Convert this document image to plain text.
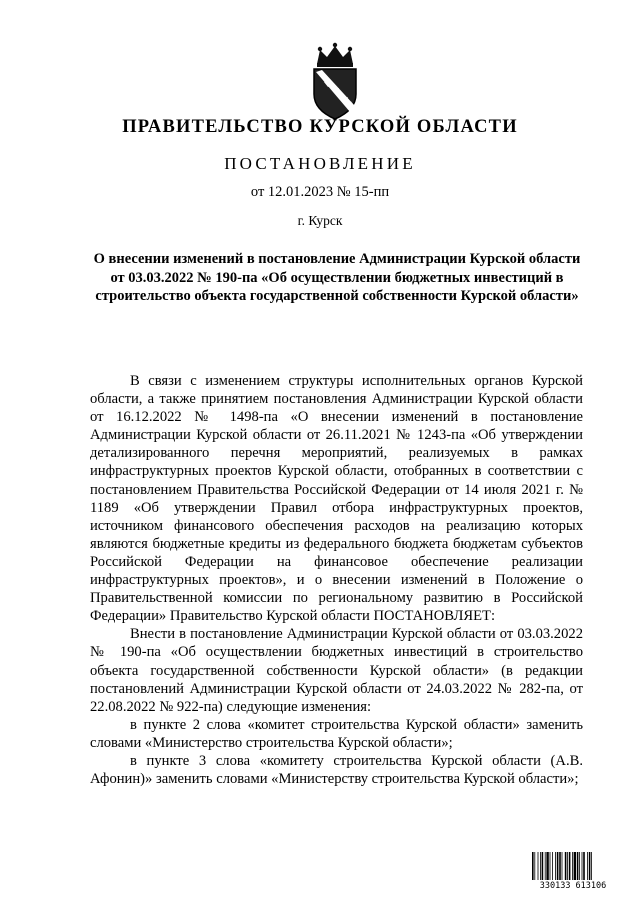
ПРАВИТЕЛЬСТВО КУРСКОЙ ОБЛАСТИ
ПОСТАНОВЛЕНИЕ
от 12.01.2023 № 15-пп
г. Курск
О внесении изменений в постановление Администрации Курской области от 03.03.2022 № 190-па «Об осуществлении бюджетных инвестиций в строительство объекта государственной собственности Курской области»

В связи с изменением структуры исполнительных органов Курской области, а также принятием постановления Администрации Курской области от 16.12.2022 № 1498-па «О внесении изменений в постановление Администрации Курской области от 26.11.2021 № 1243-па «Об утверждении детализированного перечня мероприятий, реализуемых в рамках инфраструктурных проектов Курской области, отобранных в соответствии с постановлением Правительства Российской Федерации от 14 июля 2021 г. № 1189 «Об утверждении Правил отбора инфраструктурных проектов, источником финансового обеспечения расходов на реализацию которых являются бюджетные кредиты из федерального бюджета бюджетам субъектов Российской Федерации на финансовое обеспечение реализации инфраструктурных проектов», и о внесении изменений в Положение о Правительственной комиссии по региональному развитию в Российской Федерации» Правительство Курской области ПОСТАНОВЛЯЕТ:

Внести в постановление Администрации Курской области от 03.03.2022 № 190-па «Об осуществлении бюджетных инвестиций в строительство объекта государственной собственности Курской области» (в редакции постановлений Администрации Курской области от 24.03.2022 № 282-па, от 22.08.2022 № 922-па) следующие изменения:

в пункте 2 слова «комитет строительства Курской области» заменить словами «Министерство строительства Курской области»;

в пункте 3 слова «комитету строительства Курской области (А.В. Афонин)» заменить словами «Министерству строительства Курской области»;

330133 613106
